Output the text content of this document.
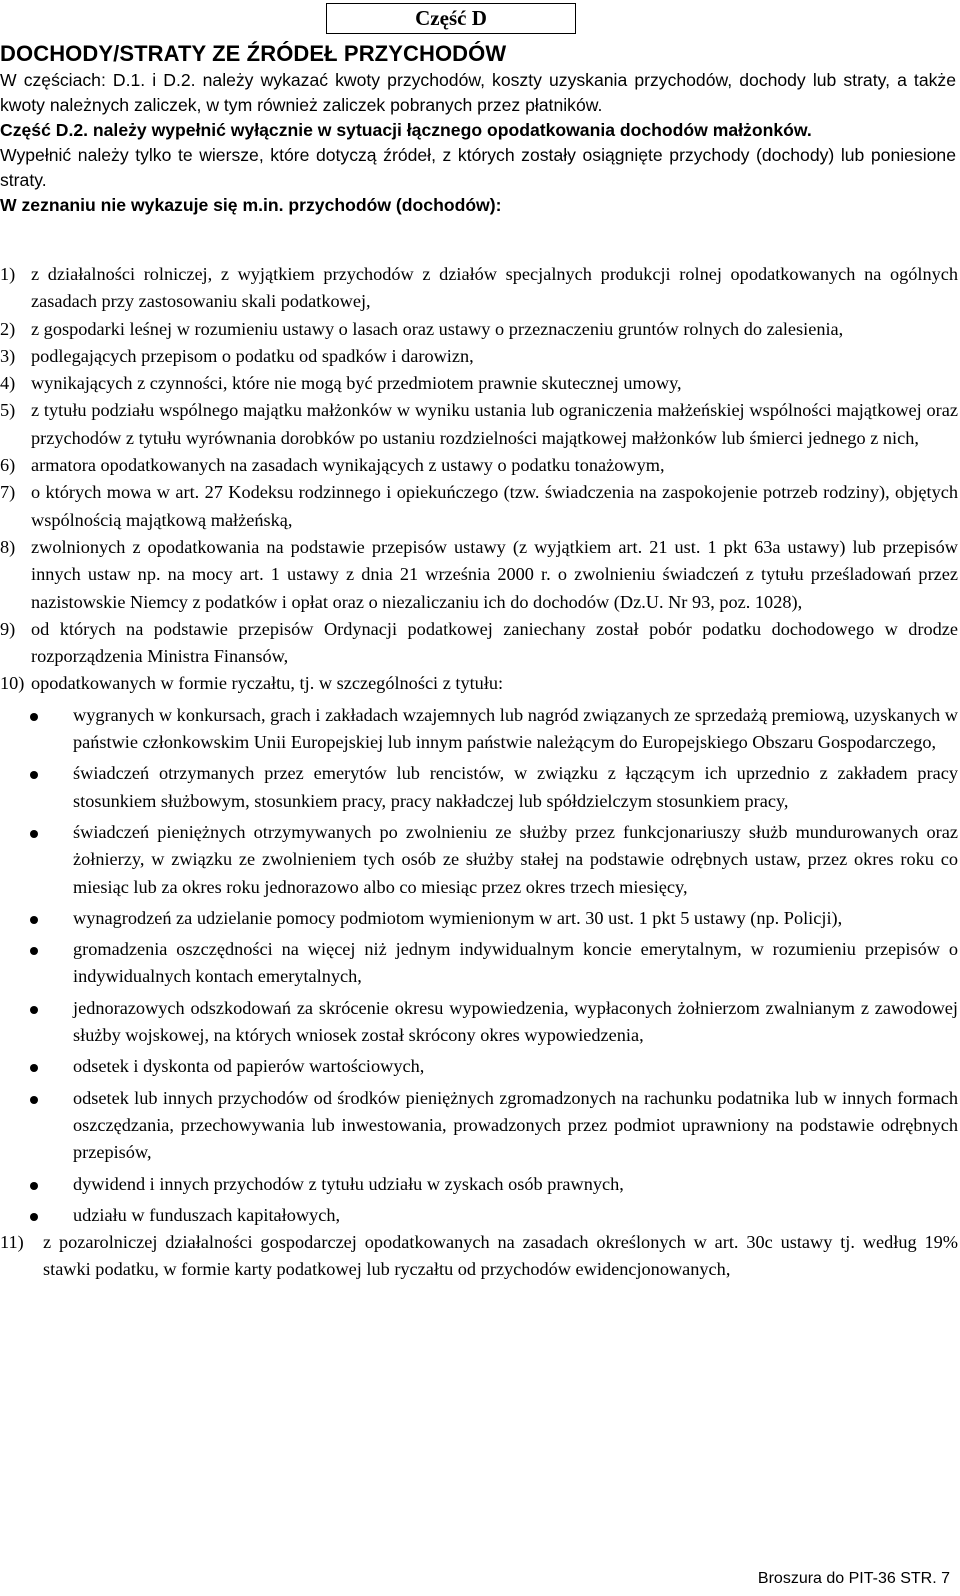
Część D
DOCHODY/STRATY ZE ŹRÓDEŁ PRZYCHODÓW

W częściach: D.1. i D.2. należy wykazać kwoty przychodów, koszty uzyskania przychodów, dochody lub straty, a także kwoty należnych zaliczek, w tym również zaliczek pobranych przez płatników.

Część D.2. należy wypełnić wyłącznie w sytuacji łącznego opodatkowania dochodów małżonków.

Wypełnić należy tylko te wiersze, które dotyczą źródeł, z których zostały osiągnięte przychody (dochody) lub poniesione straty.

W zeznaniu nie wykazuje się m.in. przychodów (dochodów):

1) z działalności rolniczej, z wyjątkiem przychodów z działów specjalnych produkcji rolnej opodatkowanych na ogólnych zasadach przy zastosowaniu skali podatkowej,
2) z gospodarki leśnej w rozumieniu ustawy o lasach oraz ustawy o przeznaczeniu gruntów rolnych do zalesienia,
3) podlegających przepisom o podatku od spadków i darowizn,
4) wynikających z czynności, które nie mogą być przedmiotem prawnie skutecznej umowy,
5) z tytułu podziału wspólnego majątku małżonków w wyniku ustania lub ograniczenia małżeńskiej wspólności majątkowej oraz przychodów z tytułu wyrównania dorobków po ustaniu rozdzielności majątkowej małżonków lub śmierci jednego z nich,
6) armatora opodatkowanych na zasadach wynikających z ustawy o podatku tonażowym,
7) o których mowa w art. 27 Kodeksu rodzinnego i opiekuńczego (tzw. świadczenia na zaspokojenie potrzeb rodziny), objętych wspólnością majątkową małżeńską,
8) zwolnionych z opodatkowania na podstawie przepisów ustawy (z wyjątkiem art. 21 ust. 1 pkt 63a ustawy) lub przepisów innych ustaw np. na mocy art. 1 ustawy z dnia 21 września 2000 r. o zwolnieniu świadczeń z tytułu prześladowań przez nazistowskie Niemcy z podatków i opłat oraz o niezaliczaniu ich do dochodów (Dz.U. Nr 93, poz. 1028),
9) od których na podstawie przepisów Ordynacji podatkowej zaniechany został pobór podatku dochodowego w drodze rozporządzenia Ministra Finansów,
10) opodatkowanych w formie ryczałtu, tj. w szczególności z tytułu:
wygranych w konkursach, grach i zakładach wzajemnych lub nagród związanych ze sprzedażą premiową, uzyskanych w państwie członkowskim Unii Europejskiej lub innym państwie należącym do Europejskiego Obszaru Gospodarczego,
świadczeń otrzymanych przez emerytów lub rencistów, w związku z łączącym ich uprzednio z zakładem pracy stosunkiem służbowym, stosunkiem pracy, pracy nakładczej lub spółdzielczym stosunkiem pracy,
świadczeń pieniężnych otrzymywanych po zwolnieniu ze służby przez funkcjonariuszy służb mundurowanych oraz żołnierzy, w związku ze zwolnieniem tych osób ze służby stałej na podstawie odrębnych ustaw, przez okres roku co miesiąc lub za okres roku jednorazowo albo co miesiąc przez okres trzech miesięcy,
wynagrodzeń za udzielanie pomocy podmiotom wymienionym w art. 30 ust. 1 pkt 5 ustawy (np. Policji),
gromadzenia oszczędności na więcej niż jednym indywidualnym koncie emerytalnym, w rozumieniu przepisów o indywidualnych kontach emerytalnych,
jednorazowych odszkodowań za skrócenie okresu wypowiedzenia, wypłaconych żołnierzom zwalnianym z zawodowej służby wojskowej, na których wniosek został skrócony okres wypowiedzenia,
odsetek i dyskonta od papierów wartościowych,
odsetek lub innych przychodów od środków pieniężnych zgromadzonych na rachunku podatnika lub w innych formach oszczędzania, przechowywania lub inwestowania, prowadzonych przez podmiot uprawniony na podstawie odrębnych przepisów,
dywidend i innych przychodów z tytułu udziału w zyskach osób prawnych,
udziału w funduszach kapitałowych,
11) z pozarolniczej działalności gospodarczej opodatkowanych na zasadach określonych w art. 30c ustawy tj. według 19% stawki podatku, w formie karty podatkowej lub ryczałtu od przychodów ewidencjonowanych,
Broszura do PIT-36 STR. 7
